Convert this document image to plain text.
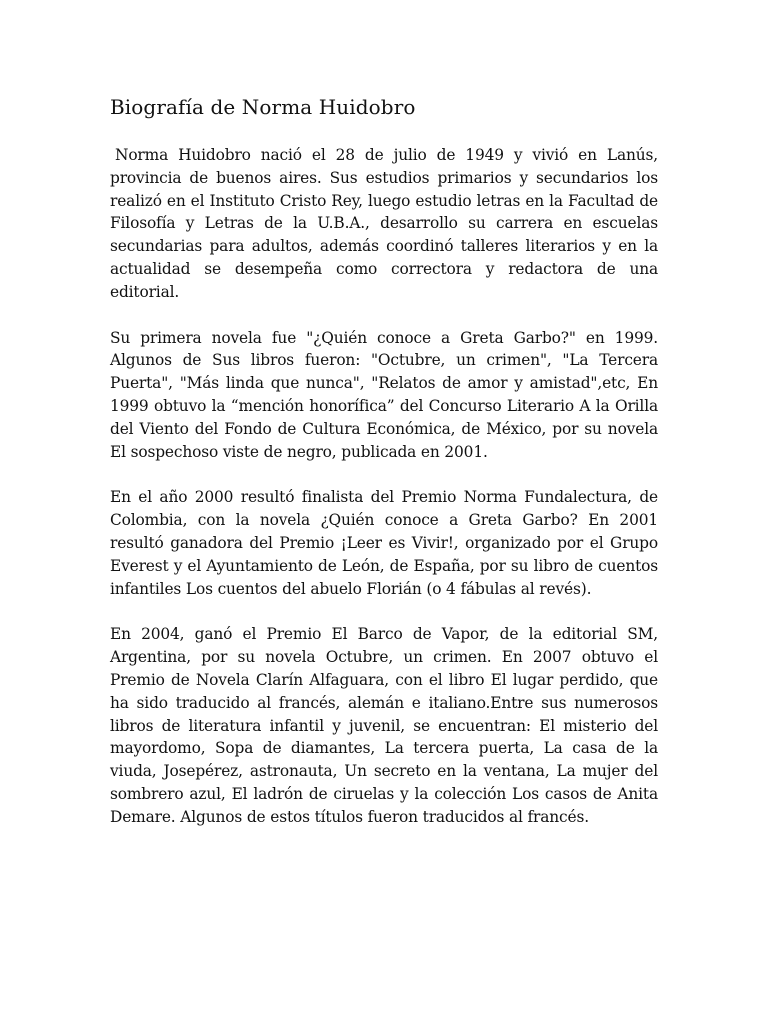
Biografía de Norma Huidobro

Norma Huidobro nació el 28 de julio de 1949 y vivió en Lanús, provincia de buenos aires. Sus estudios primarios y secundarios los realizó en el Instituto Cristo Rey, luego estudio letras en la Facultad de Filosofía y Letras de la U.B.A., desarrollo su carrera en escuelas secundarias para adultos, además coordinó talleres literarios y en la actualidad se desempeña como correctora y redactora de una editorial.

Su primera novela fue "¿Quién conoce a Greta Garbo?" en 1999. Algunos de Sus libros fueron: "Octubre, un crimen", "La Tercera Puerta", "Más linda que nunca", "Relatos de amor y amistad",etc, En 1999 obtuvo la “mención honorífica” del Concurso Literario A la Orilla del Viento del Fondo de Cultura Económica, de México, por su novela El sospechoso viste de negro, publicada en 2001.

En el año 2000 resultó finalista del Premio Norma Fundalectura, de Colombia, con la novela ¿Quién conoce a Greta Garbo? En 2001 resultó ganadora del Premio ¡Leer es Vivir!, organizado por el Grupo Everest y el Ayuntamiento de León, de España, por su libro de cuentos infantiles Los cuentos del abuelo Florián (o 4 fábulas al revés).

En 2004, ganó el Premio El Barco de Vapor, de la editorial SM, Argentina, por su novela Octubre, un crimen. En 2007 obtuvo el Premio de Novela Clarín Alfaguara, con el libro El lugar perdido, que ha sido traducido al francés, alemán e italiano.Entre sus numerosos libros de literatura infantil y juvenil, se encuentran: El misterio del mayordomo, Sopa de diamantes, La tercera puerta, La casa de la viuda, Josepérez, astronauta, Un secreto en la ventana, La mujer del sombrero azul, El ladrón de ciruelas y la colección Los casos de Anita Demare. Algunos de estos títulos fueron traducidos al francés.
